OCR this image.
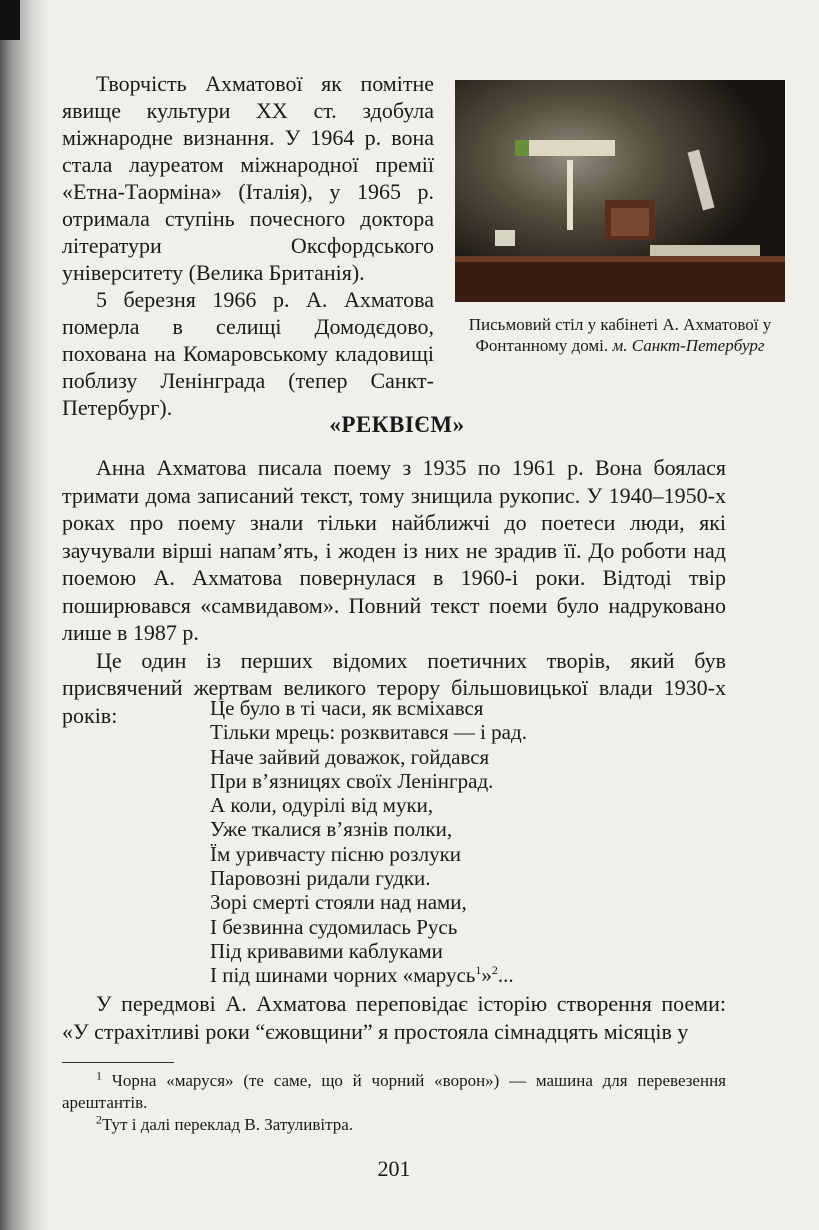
Творчість Ахматової як помітне явище культури XX ст. здобула міжнародне визнання. У 1964 р. вона стала лауреатом міжнародної премії «Етна-Таорміна» (Італія), у 1965 р. отримала ступінь почесного доктора літератури Оксфордського університету (Велика Британія).

5 березня 1966 р. А. Ахматова померла в селищі Домодєдово, похована на Комаровському кладовищі поблизу Ленінграда (тепер Санкт-Петербург).

Письмовий стіл у кабінеті А. Ахматової у Фонтанному домі. м. Санкт-Петербург
«РЕКВІЄМ»

Анна Ахматова писала поему з 1935 по 1961 р. Вона боялася тримати дома записаний текст, тому знищила рукопис. У 1940–1950-х роках про поему знали тільки найближчі до поетеси люди, які заучували вірші напам’ять, і жоден із них не зрадив її. До роботи над поемою А. Ахматова повернулася в 1960-і роки. Відтоді твір поширювався «самвидавом». Повний текст поеми було надруковано лише в 1987 р.

Це один із перших відомих поетичних творів, який був присвячений жертвам великого терору більшовицької влади 1930-х років:	Це було в ті часи, як всміхався
Тільки мрець: розквитався — і рад.
Наче зайвий доважок, гойдався
При в’язницях своїх Ленінград.
А коли, одурілі від муки,
Уже ткалися в’язнів полки,
Їм уривчасту пісню розлуки
Паровозні ридали гудки.
Зорі смерті стояли над нами,
І безвинна судомилась Русь
Під кривавими каблуками
І під шинами чорних «марусь$^1$»$^2$...

У передмові А. Ахматова переповідає історію створення поеми: «У страхітливі роки “єжовщини” я простояла сімнадцять місяців у

$^1$ Чорна «маруся» (те саме, що й чорний «ворон») — машина для перевезення арештантів.

$^2$Тут і далі переклад В. Затуливітра.

201
